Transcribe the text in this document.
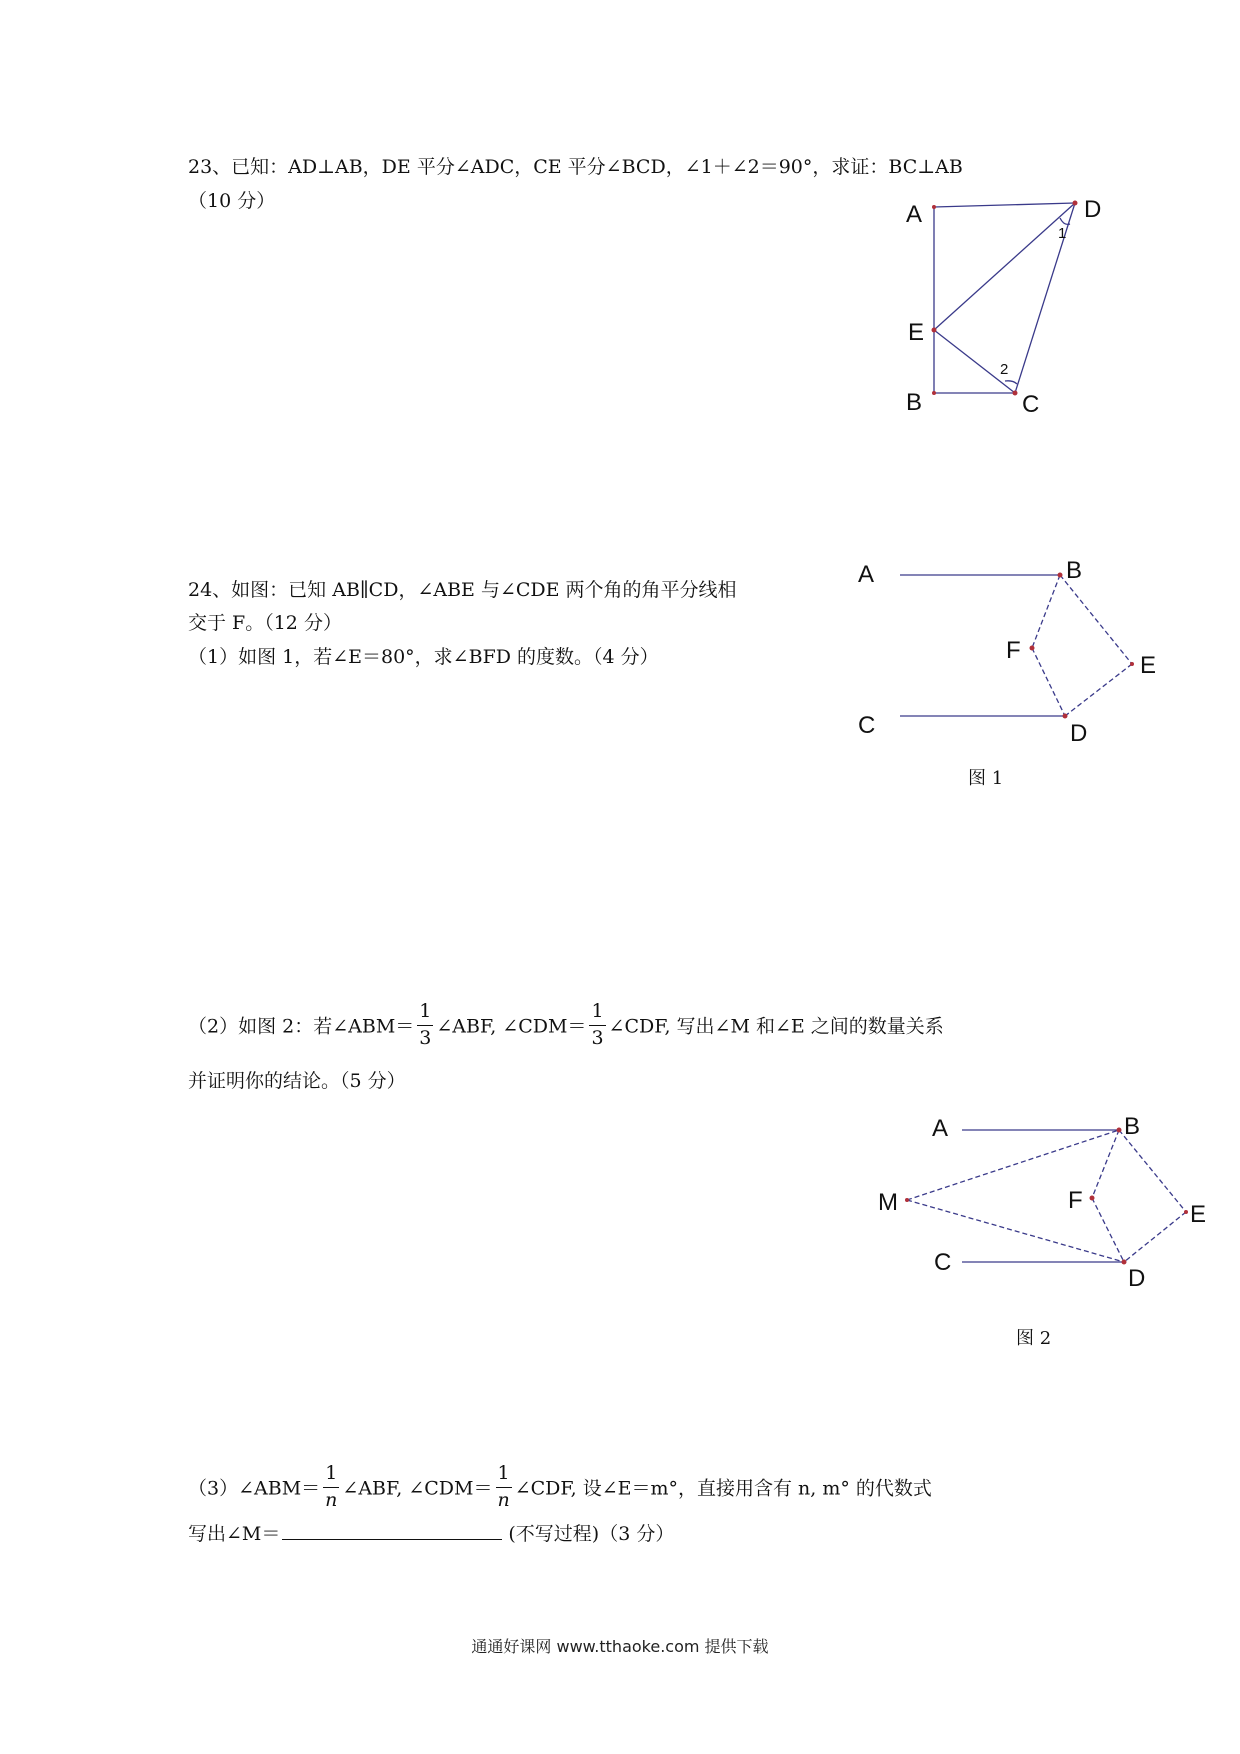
23、已知：AD⊥AB，DE 平分∠ADC，CE 平分∠BCD，∠1＋∠2＝90°，求证：BC⊥AB
（10 分）
24、如图：已知 AB∥CD，∠ABE 与∠CDE 两个角的角平分线相
交于 F。（12 分）
（1）如图 1，若∠E＝80°，求∠BFD 的度数。（4 分）
（2）如图 2：若∠ABM＝ $\frac{1}{3}$ ∠ABF, ∠CDM＝ $\frac{1}{3}$ ∠CDF, 写出∠M 和∠E 之间的数量关系
并证明你的结论。（5 分）
（3）∠ABM＝ $\frac{1}{n}$ ∠ABF, ∠CDM＝ $\frac{1}{n}$ ∠CDF, 设∠E＝m°，直接用含有 n, m° 的代数式
写出∠M＝	(不写过程)（3 分）
A	D
E
B	C
1
2
A	B
F
E
C	D
A	B
M	F
E
C
D
图 1
图 2
通通好课网 www.tthaoke.com 提供下载
